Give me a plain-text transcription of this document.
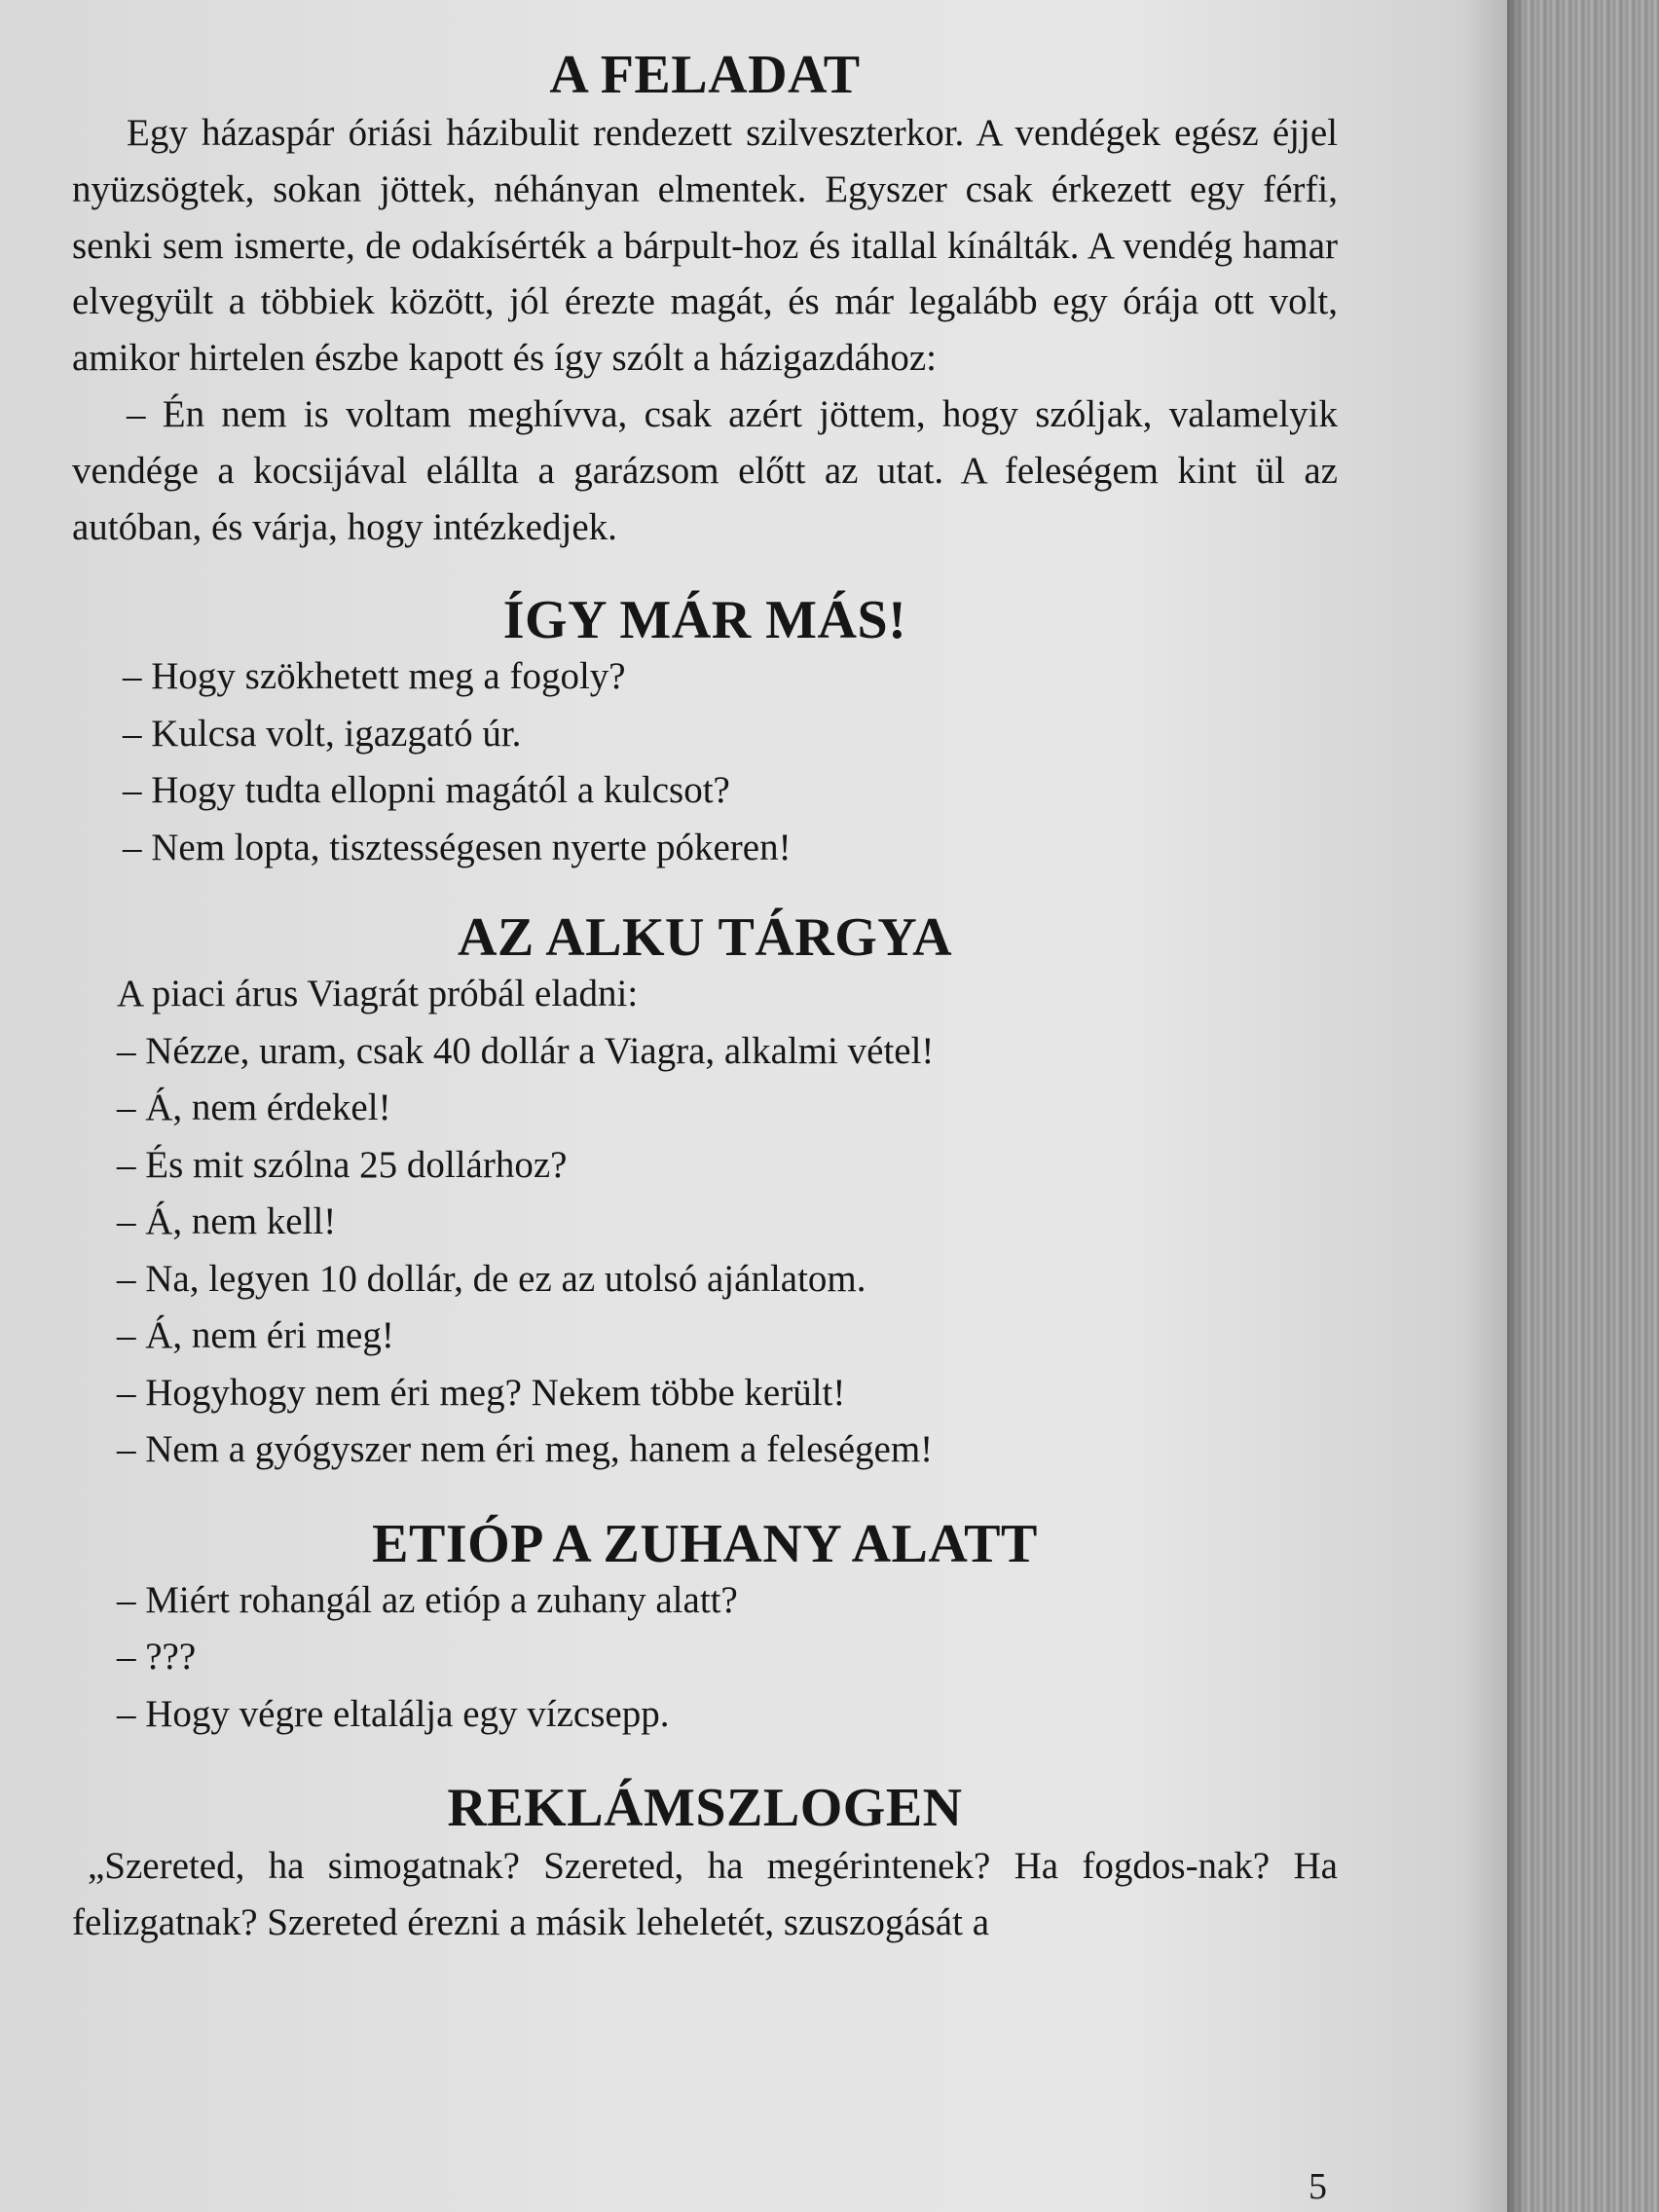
A FELADAT

Egy házaspár óriási házibulit rendezett szilveszterkor. A vendégek egész éjjel nyüzsögtek, sokan jöttek, néhányan elmentek. Egyszer csak érkezett egy férfi, senki sem ismerte, de odakísérték a bárpult-hoz és itallal kínálták. A vendég hamar elvegyült a többiek között, jól érezte magát, és már legalább egy órája ott volt, amikor hirtelen észbe kapott és így szólt a házigazdához:

– Én nem is voltam meghívva, csak azért jöttem, hogy szóljak, valamelyik vendége a kocsijával elállta a garázsom előtt az utat. A feleségem kint ül az autóban, és várja, hogy intézkedjek.

ÍGY MÁR MÁS!
– Hogy szökhetett meg a fogoly?
– Kulcsa volt, igazgató úr.
– Hogy tudta ellopni magától a kulcsot?
– Nem lopta, tisztességesen nyerte pókeren!
AZ ALKU TÁRGYA
A piaci árus Viagrát próbál eladni:
– Nézze, uram, csak 40 dollár a Viagra, alkalmi vétel!
– Á, nem érdekel!
– És mit szólna 25 dollárhoz?
– Á, nem kell!
– Na, legyen 10 dollár, de ez az utolsó ajánlatom.
– Á, nem éri meg!
– Hogyhogy nem éri meg? Nekem többe került!
– Nem a gyógyszer nem éri meg, hanem a feleségem!
ETIÓP A ZUHANY ALATT
– Miért rohangál az etióp a zuhany alatt?
– ???
– Hogy végre eltalálja egy vízcsepp.
REKLÁMSZLOGEN

„Szereted, ha simogatnak? Szereted, ha megérintenek? Ha fogdos-nak? Ha felizgatnak? Szereted érezni a másik leheletét, szuszogását a

5
